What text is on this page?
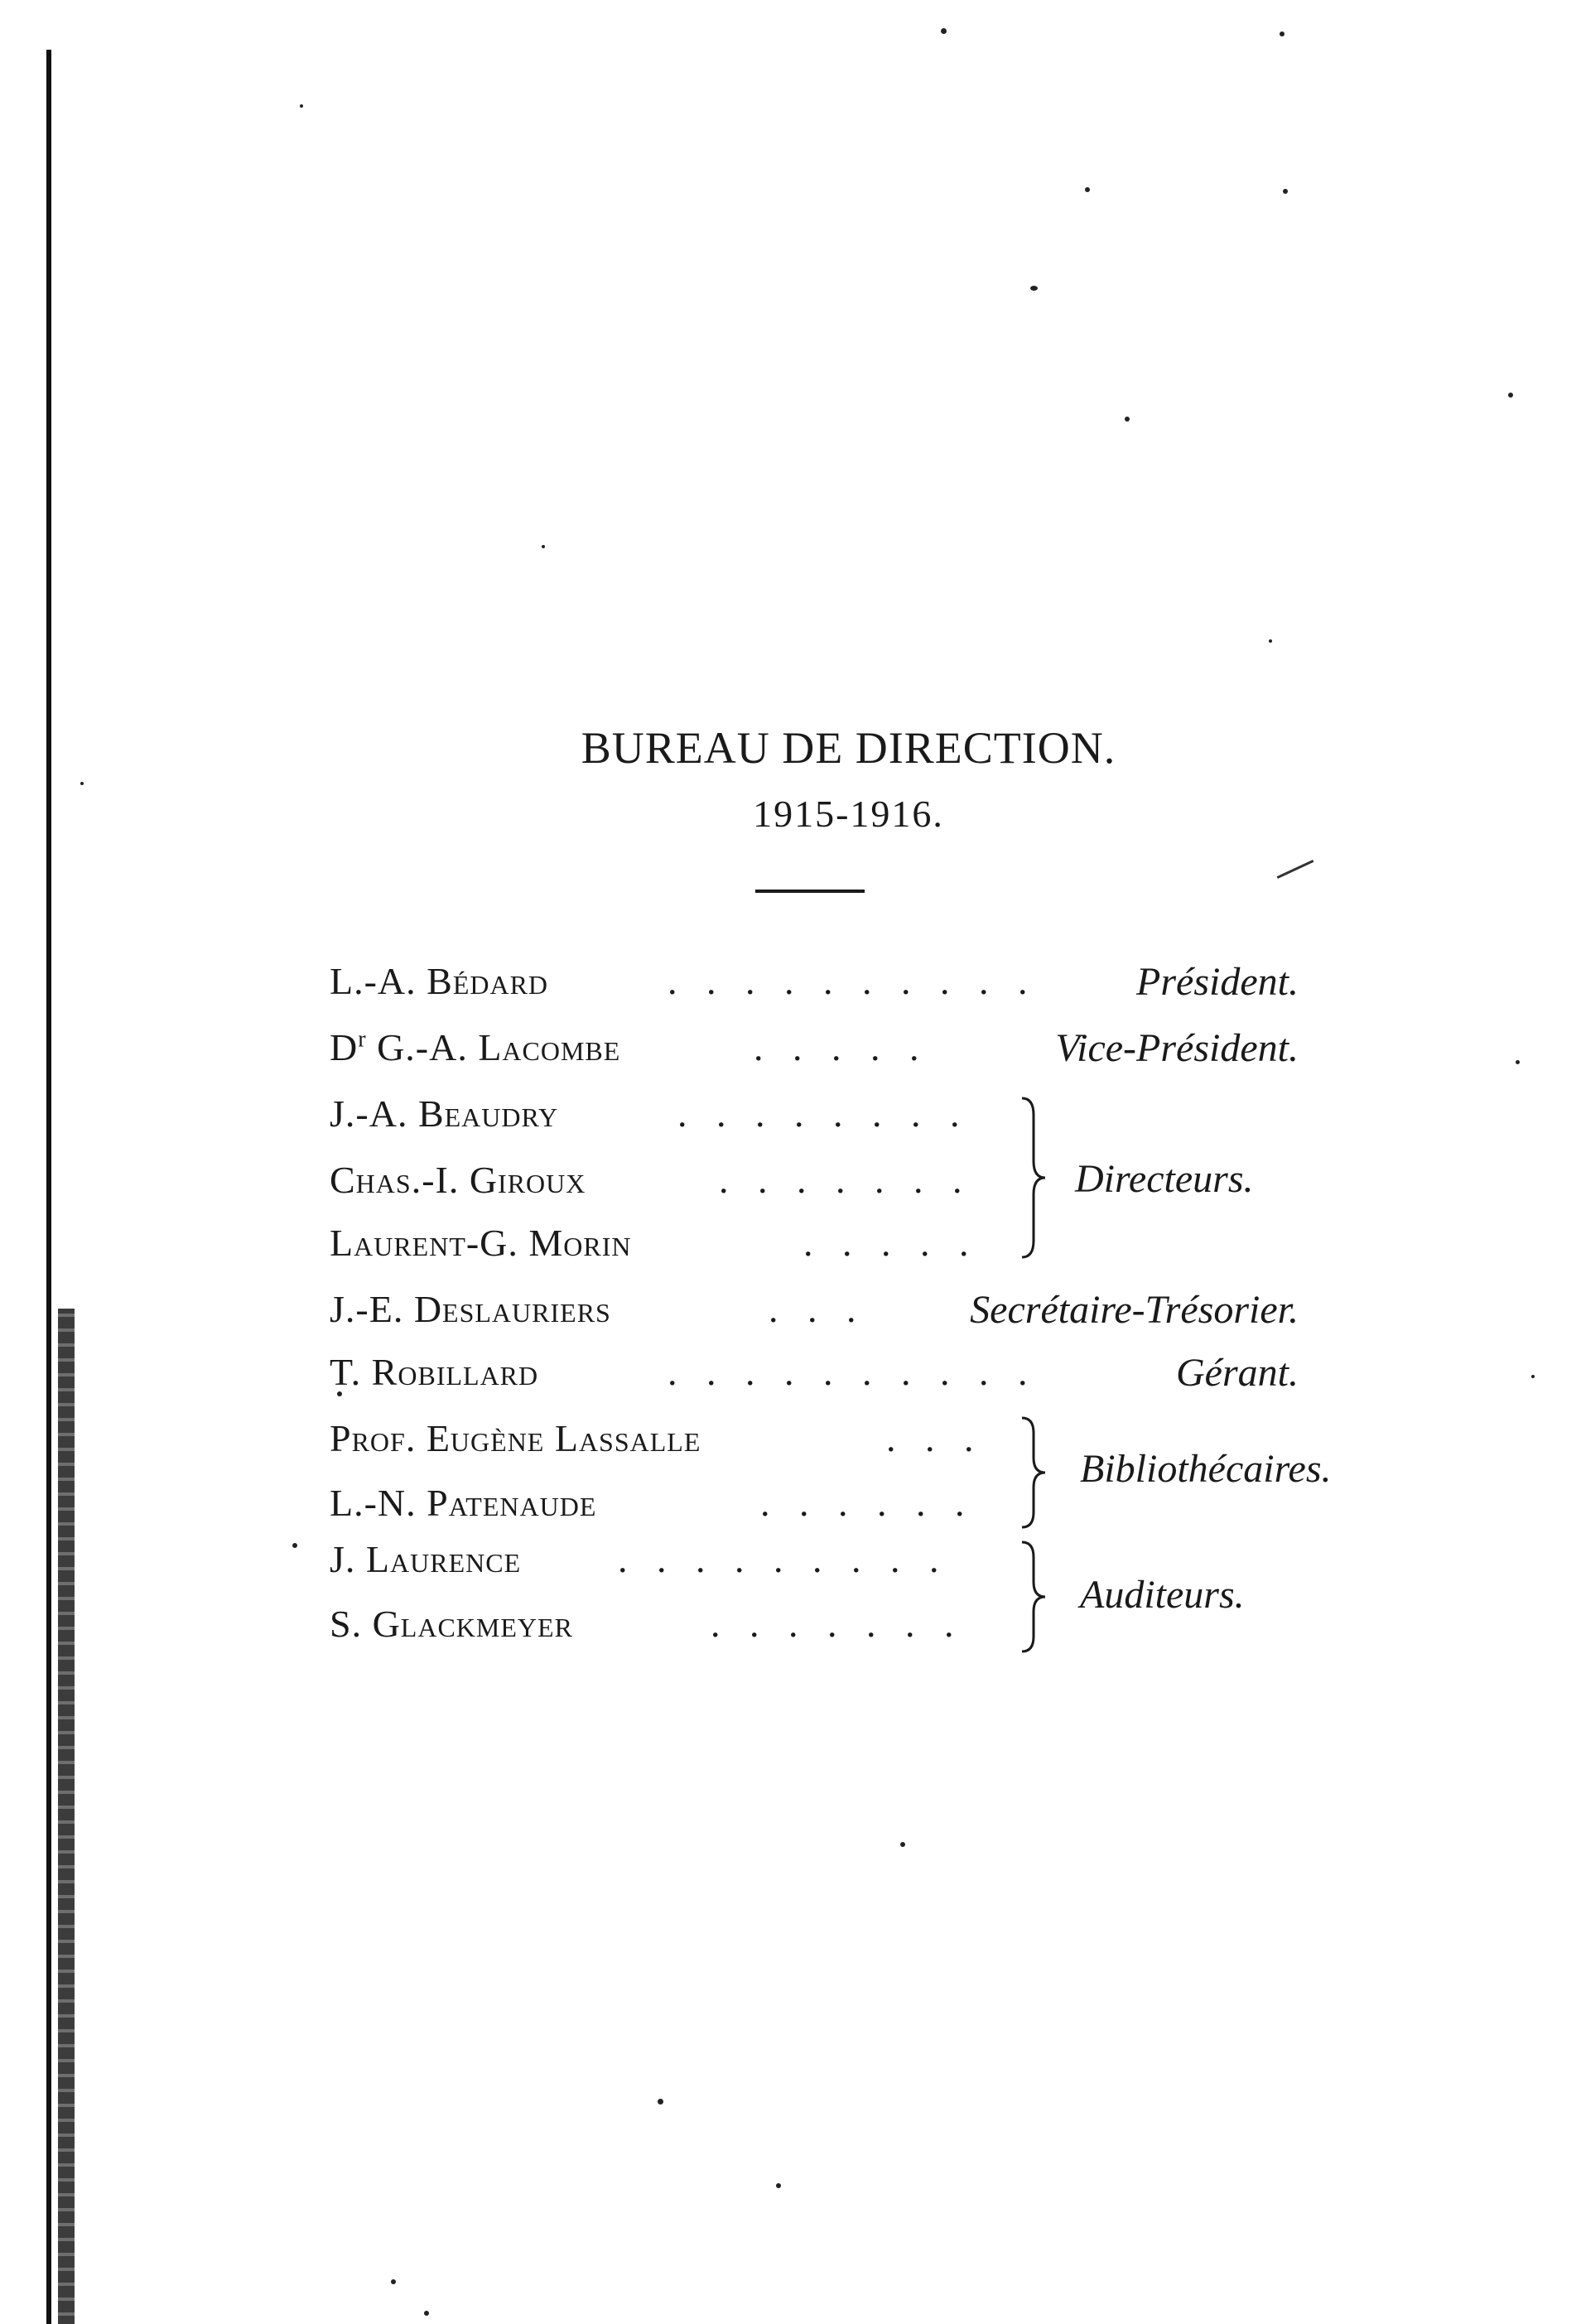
BUREAU DE DIRECTION.
1915-1916.
L.-A. Bédard	. . . . . . . . . . Président.
$D^r$ G.-A. Lacombe	. . . . .	Vice-Président.
J.-A. Beaudry	. . . . . . . .
Chas.-I. Giroux	. . . . . . .
Laurent-G. Morin	. . . . .
Directeurs.
J.-E. Deslauriers	. . .	Secrétaire-Trésorier.
T. Robillard	. . . . . . . . . .	Gérant.
Prof. Eugène Lassalle	. . .
L.-N. Patenaude	. . . . . .
Bibliothécaires.
J. Laurence	. . . . . . . . .
S. Glackmeyer	. . . . . . .
Auditeurs.
